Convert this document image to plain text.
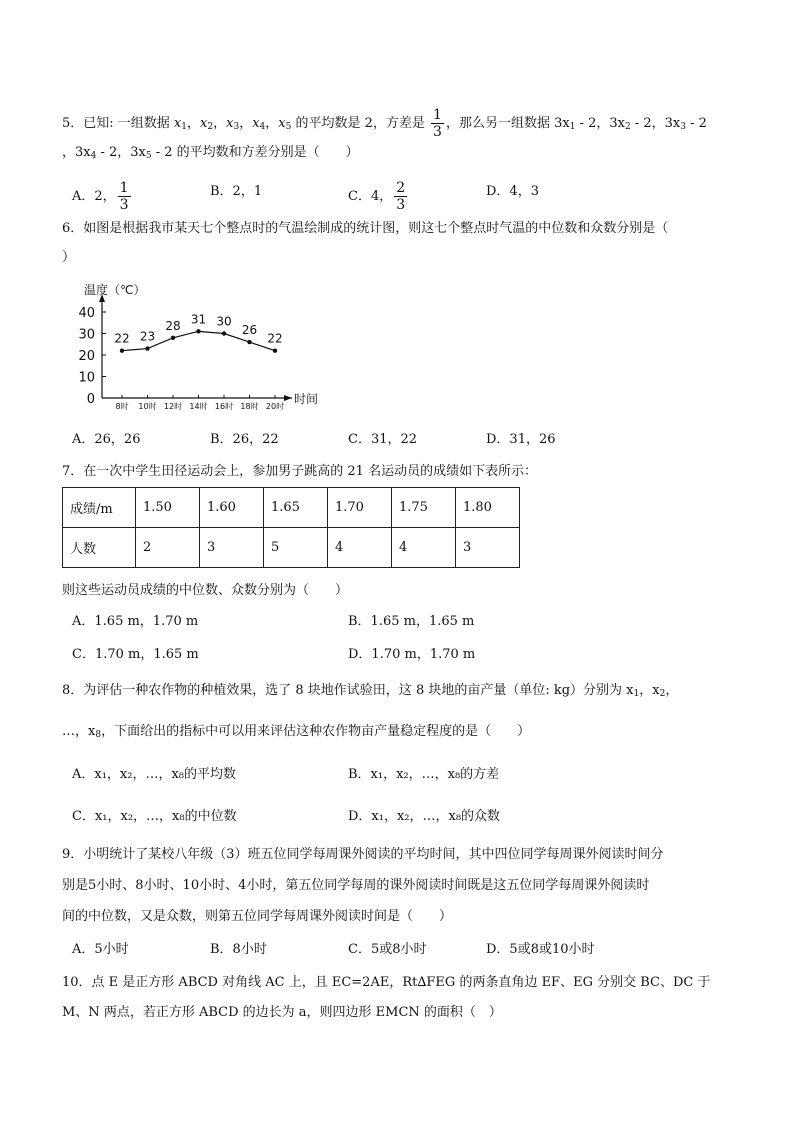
5．已知: 一组数据 $x_1$，$x_2$，$x_3$，$x_4$，$x_5$ 的平均数是 2，方差是 $\frac{1}{3}$ ，那么另一组数据 $3x_1 - 2$，$3x_2 - 2$，$3x_3 - 2$
，$3x_4 - 2$，$3x_5 - 2$ 的平均数和方差分别是（　　）
A．2， $\frac{1}{3}$	B．2，1	C．4， $\frac{2}{3}$	D．4，3
6．如图是根据我市某天七个整点时的气温绘制成的统计图，则这七个整点时气温的中位数和众数分别是（
）
温度（℃）
时间
0
10
20
30
40
8时 10时 12时 14时 16时 18时 20时
22 23
28 31 30
26
22
A．26，26	B．26，22	C．31，22	D．31，26
7．在一次中学生田径运动会上，参加男子跳高的 21 名运动员的成绩如下表所示：
成绩/m	1.50	1.60	1.65	1.70	1.75	1.80
人数	2	3	5	4	4	3
则这些运动员成绩的中位数、众数分别为（　　）
A．1.65 m，1.70 m	B．1.65 m，1.65 m
C．1.70 m，1.65 m	D．1.70 m，1.70 m
8．为评估一种农作物的种植效果，选了 8 块地作试验田，这 8 块地的亩产量（单位: kg）分别为 $x_1$，$x_2$，
…，$x_8$，下面给出的指标中可以用来评估这种农作物亩产量稳定程度的是（　　）
A．x₁，x₂，…，x₈的平均数	B．x₁，x₂，…，x₈的方差
C．x₁，x₂，…，x₈的中位数	D．x₁，x₂，…，x₈的众数
9．小明统计了某校八年级（3）班五位同学每周课外阅读的平均时间，其中四位同学每周课外阅读时间分
别是5小时、8小时、10小时、4小时，第五位同学每周的课外阅读时间既是这五位同学每周课外阅读时
间的中位数，又是众数，则第五位同学每周课外阅读时间是（　　）
A．5小时	B．8小时	C．5或8小时	D．5或8或10小时
10．点 E 是正方形 ABCD 对角线 AC 上，且 EC=2AE，Rt∆FEG 的两条直角边 EF、EG 分别交 BC、DC 于
M、N 两点，若正方形 ABCD 的边长为 a，则四边形 EMCN 的面积（　）
